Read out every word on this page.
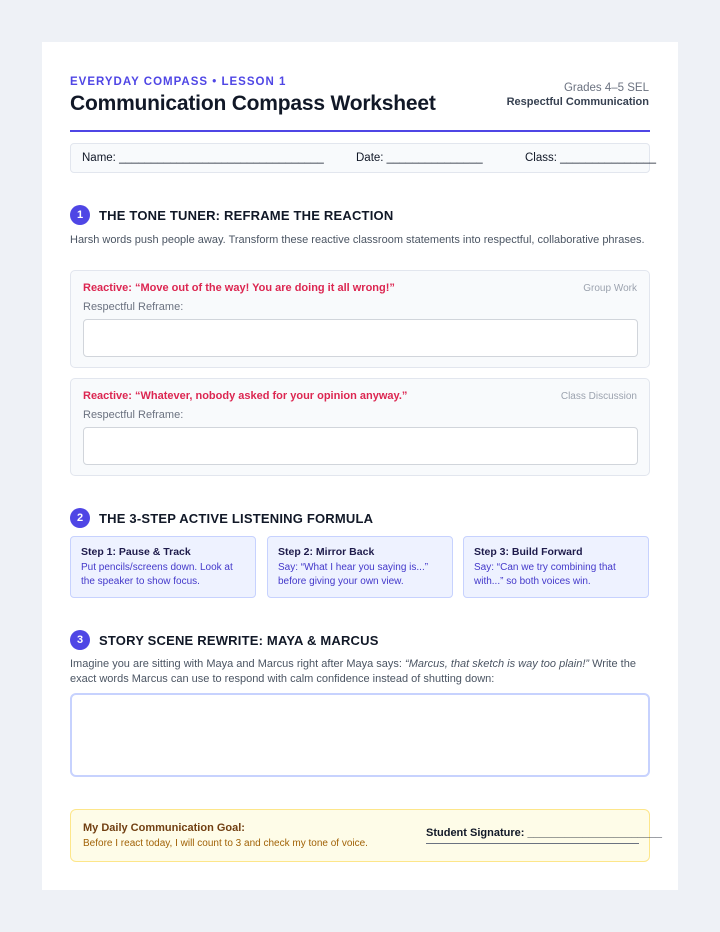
EVERYDAY COMPASS • LESSON 1
Communication Compass Worksheet
Grades 4–5 SEL
Respectful Communication
Name: ________________________________	Date: _______________	Class: _______________
1	THE TONE TUNER: REFRAME THE REACTION
Harsh words push people away. Transform these reactive classroom statements into respectful, collaborative phrases.
Reactive: “Move out of the way! You are doing it all wrong!”	Group Work
Respectful Reframe:
Reactive: “Whatever, nobody asked for your opinion anyway.”	Class Discussion
Respectful Reframe:
2	THE 3-STEP ACTIVE LISTENING FORMULA
Step 1: Pause & Track
Put pencils/screens down. Look at the speaker to show focus.
Step 2: Mirror Back
Say: “What I hear you saying is...” before giving your own view.
Step 3: Build Forward
Say: “Can we try combining that with...” so both voices win.
3	STORY SCENE REWRITE: MAYA & MARCUS
Imagine you are sitting with Maya and Marcus right after Maya says: “Marcus, that sketch is way too plain!” Write the exact words Marcus can use to respond with calm confidence instead of shutting down:
My Daily Communication Goal:
Before I react today, I will count to 3 and check my tone of voice.
Student Signature: ______________________
